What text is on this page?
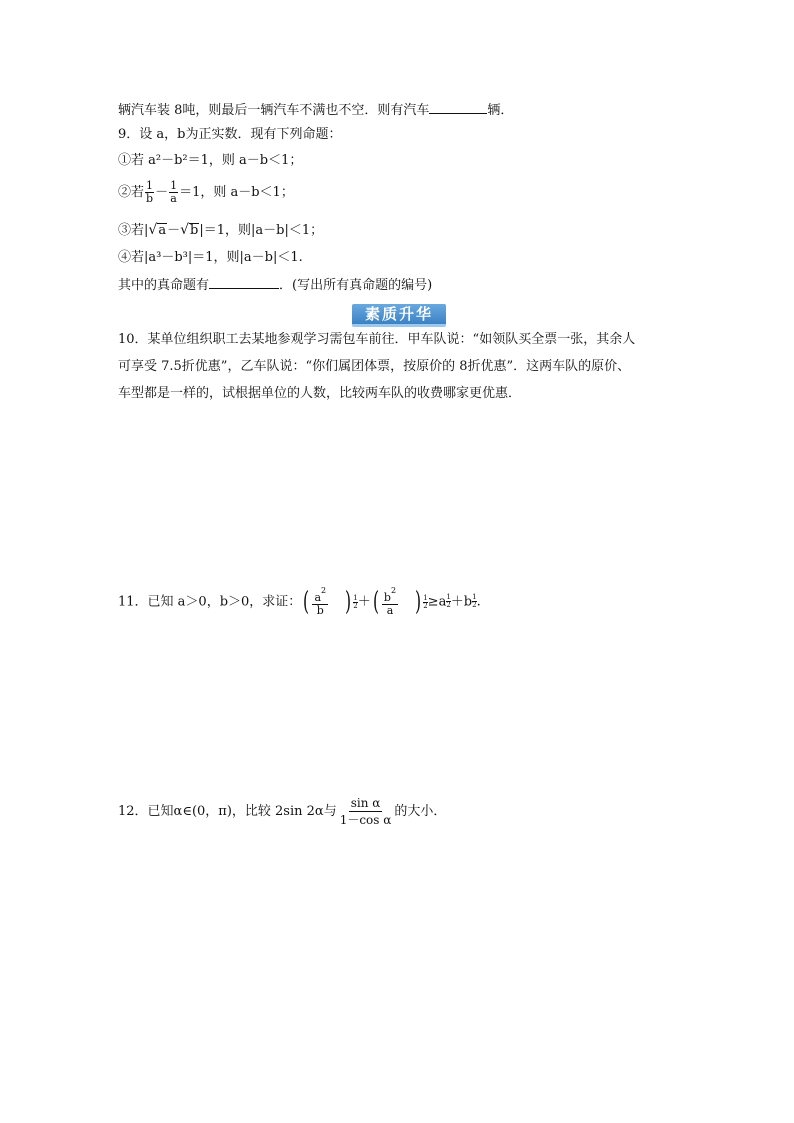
辆汽车装 8吨，则最后一辆汽车不满也不空．则有汽车	辆．
9．设 a，b为正实数．现有下列命题：
①若 a²－b²＝1，则 a－b＜1；
②若 $\frac{1}{b} - \frac{1}{a} =1$，则 a－b＜1；
③若| √ a － √ b |＝1，则|a－b|＜1；
④若|a³－b³|＝1，则|a－b|＜1.
其中的真命题有	．(写出所有真命题的编号)
素质升华
10．某单位组织职工去某地参观学习需包车前往．甲车队说：“如领队买全票一张，其余人
可享受 7.5折优惠”，乙车队说：“你们属团体票，按原价的 8折优惠”．这两车队的原价、
车型都是一样的，试根据单位的人数，比较两车队的收费哪家更优惠．
11．已知 a＞0，b＞0，求证： ( $\frac{a^2}{b}$ ) 1
2 ＋ ( $\frac{b^2}{a}$ ) 1
$2 \ge a \frac{1}{2} +b \frac{1}{2}$ .
12．已知α∈(0，π)，比较 2sin 2α与 $\frac{\text{sin α}}{\text{1－cos α}}$ 的大小．
